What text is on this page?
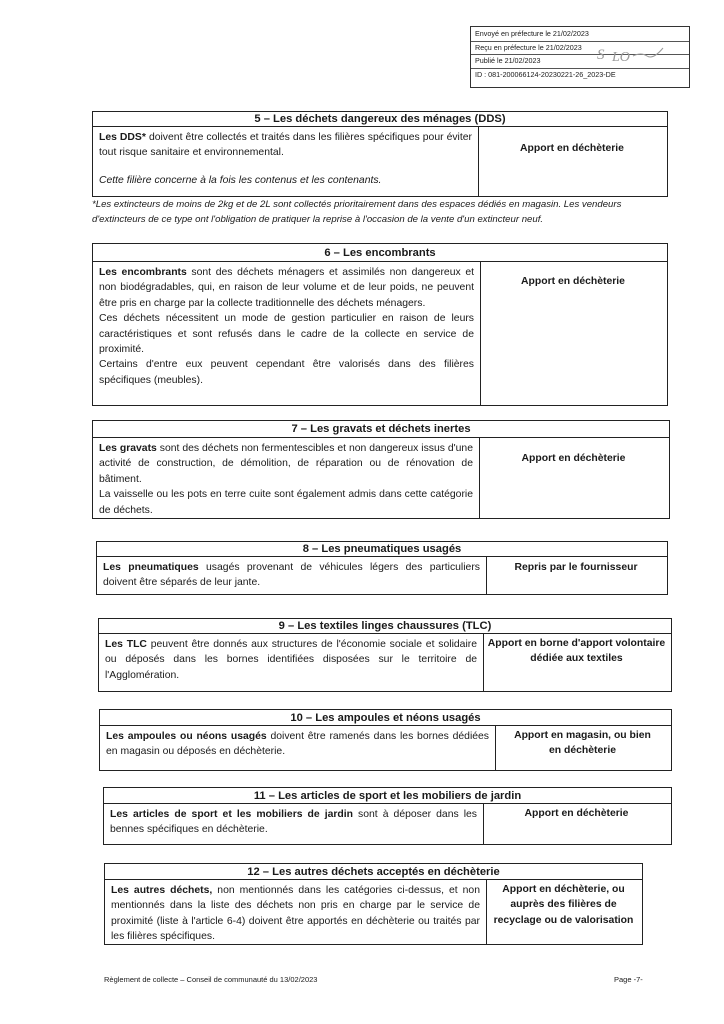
Envoyé en préfecture le 21/02/2023
Reçu en préfecture le 21/02/2023
Publié le 21/02/2023
ID : 081-200066124-20230221-26_2023-DE
S LO
5 – Les déchets dangereux des ménages (DDS)

Les DDS* doivent être collectés et traités dans les filières spécifiques pour éviter tout risque sanitaire et environnemental.

Cette filière concerne à la fois les contenus et les contenants.

Apport en déchèterie
*Les extincteurs de moins de 2kg et de 2L sont collectés prioritairement dans des espaces dédiés en magasin. Les vendeurs d'extincteurs de ce type ont l'obligation de pratiquer la reprise à l'occasion de la vente d'un extincteur neuf.
6 – Les encombrants

Les encombrants sont des déchets ménagers et assimilés non dangereux et non biodégradables, qui, en raison de leur volume et de leur poids, ne peuvent être pris en charge par la collecte traditionnelle des déchets ménagers.

Ces déchets nécessitent un mode de gestion particulier en raison de leurs caractéristiques et sont refusés dans le cadre de la collecte en service de proximité.

Certains d'entre eux peuvent cependant être valorisés dans des filières spécifiques (meubles).

Apport en déchèterie
7 – Les gravats et déchets inertes

Les gravats sont des déchets non fermentescibles et non dangereux issus d'une activité de construction, de démolition, de réparation ou de rénovation de bâtiment.

La vaisselle ou les pots en terre cuite sont également admis dans cette catégorie de déchets.

Apport en déchèterie
8 – Les pneumatiques usagés

Les pneumatiques usagés provenant de véhicules légers des particuliers doivent être séparés de leur jante.

Repris par le fournisseur
9 – Les textiles linges chaussures (TLC)

Les TLC peuvent être donnés aux structures de l'économie sociale et solidaire ou déposés dans les bornes identifiées disposées sur le territoire de l'Agglomération.

Apport en borne d'apport volontaire dédiée aux textiles
10 – Les ampoules et néons usagés

Les ampoules ou néons usagés doivent être ramenés dans les bornes dédiées en magasin ou déposés en déchèterie.

Apport en magasin, ou bien en déchèterie
11 – Les articles de sport et les mobiliers de jardin

Les articles de sport et les mobiliers de jardin sont à déposer dans les bennes spécifiques en déchèterie.

Apport en déchèterie
12 – Les autres déchets acceptés en déchèterie

Les autres déchets, non mentionnés dans les catégories ci-dessus, et non mentionnés dans la liste des déchets non pris en charge par le service de proximité (liste à l'article 6-4) doivent être apportés en déchèterie ou traités par les filières spécifiques.

Apport en déchèterie, ou auprès des filières de recyclage ou de valorisation
Règlement de collecte – Conseil de communauté du 13/02/2023	Page -7-
